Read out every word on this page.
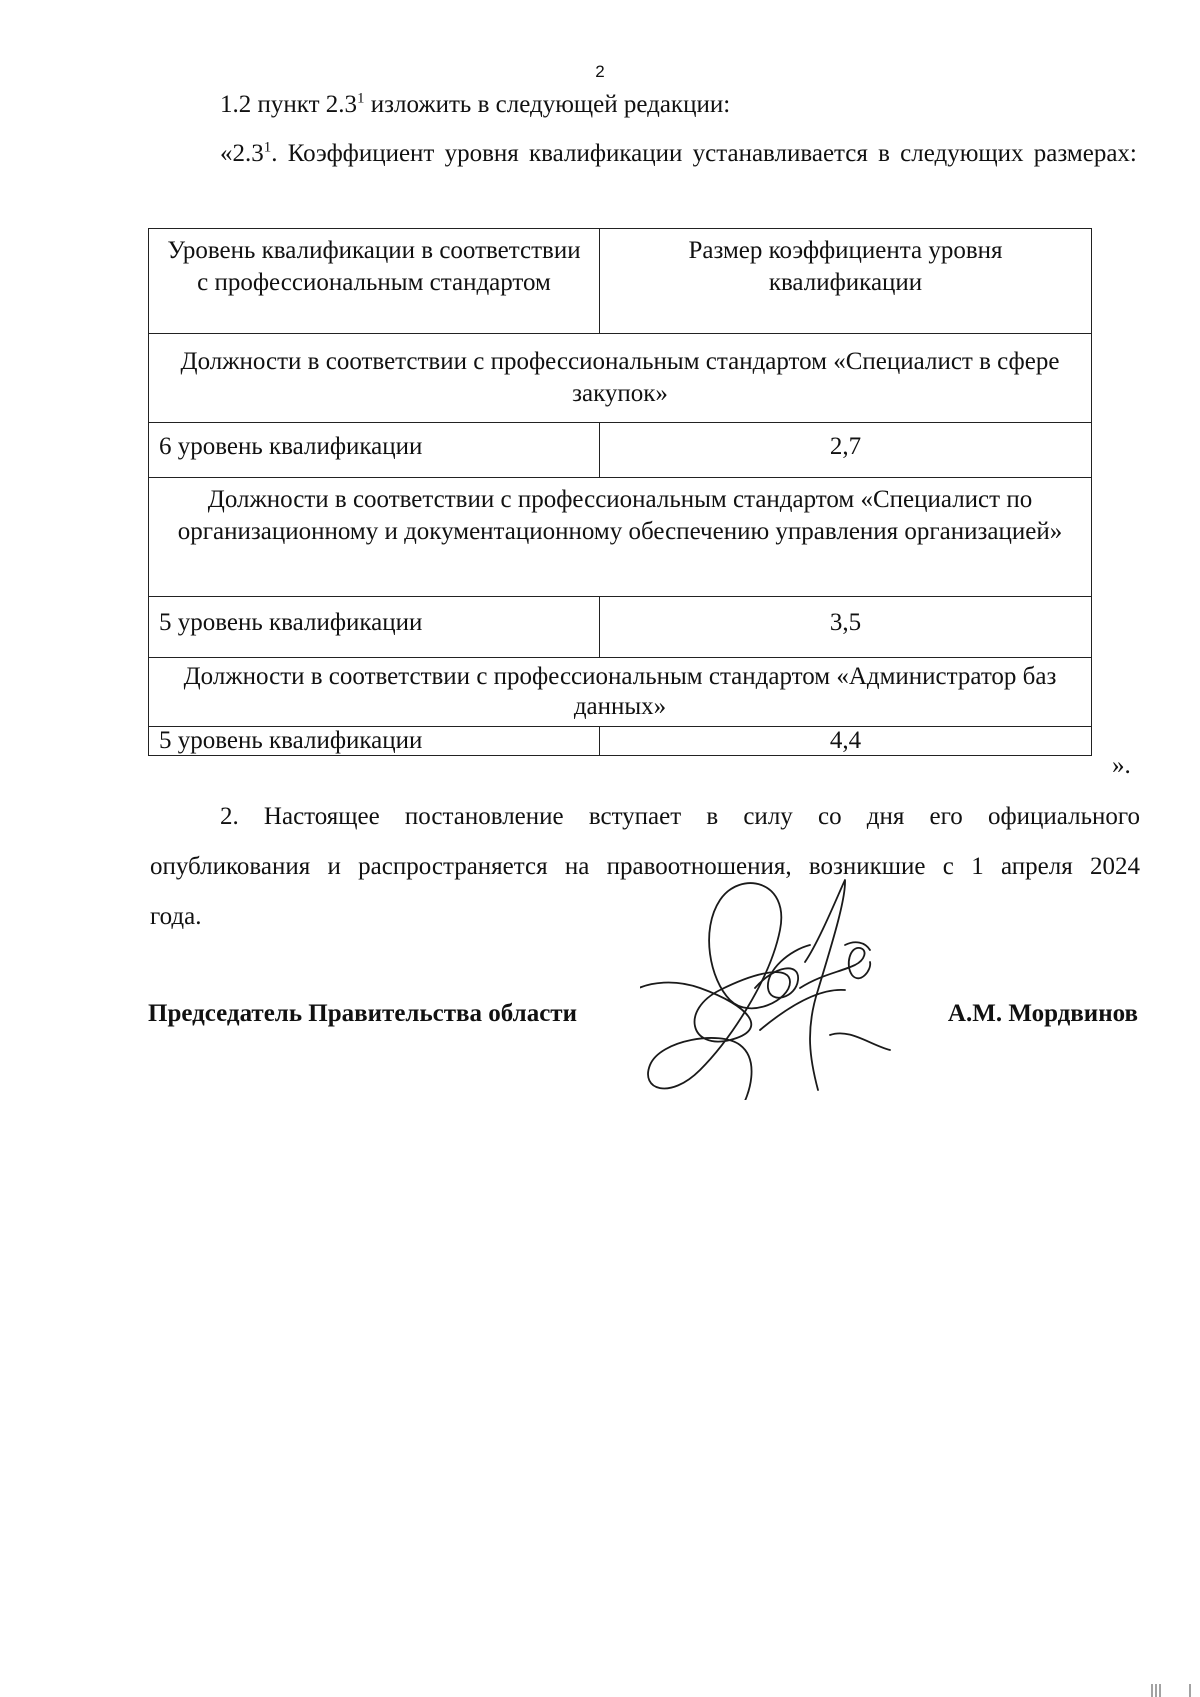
2

1.2 пункт $2.3^1$ изложить в следующей редакции:

«$2.3^1$. Коэффициент уровня квалификации устанавливается в следующих размерах:

Уровень квалификации в соответствии с профессиональным стандартом	Размер коэффициента уровня квалификации
Должности в соответствии с профессиональным стандартом «Специалист в сфере закупок»	
6 уровень квалификации	2,7
Должности в соответствии с профессиональным стандартом «Специалист по организационному и документационному обеспечению управления организацией»	
5 уровень квалификации	3,5
Должности в соответствии с профессиональным стандартом «Администратор баз данных»	
5 уровень квалификации	4,4
».

2. Настоящее постановление вступает в силу со дня его официального опубликования и распространяется на правоотношения, возникшие с 1 апреля 2024 года.

Председатель Правительства области	А.М. Мордвинов
